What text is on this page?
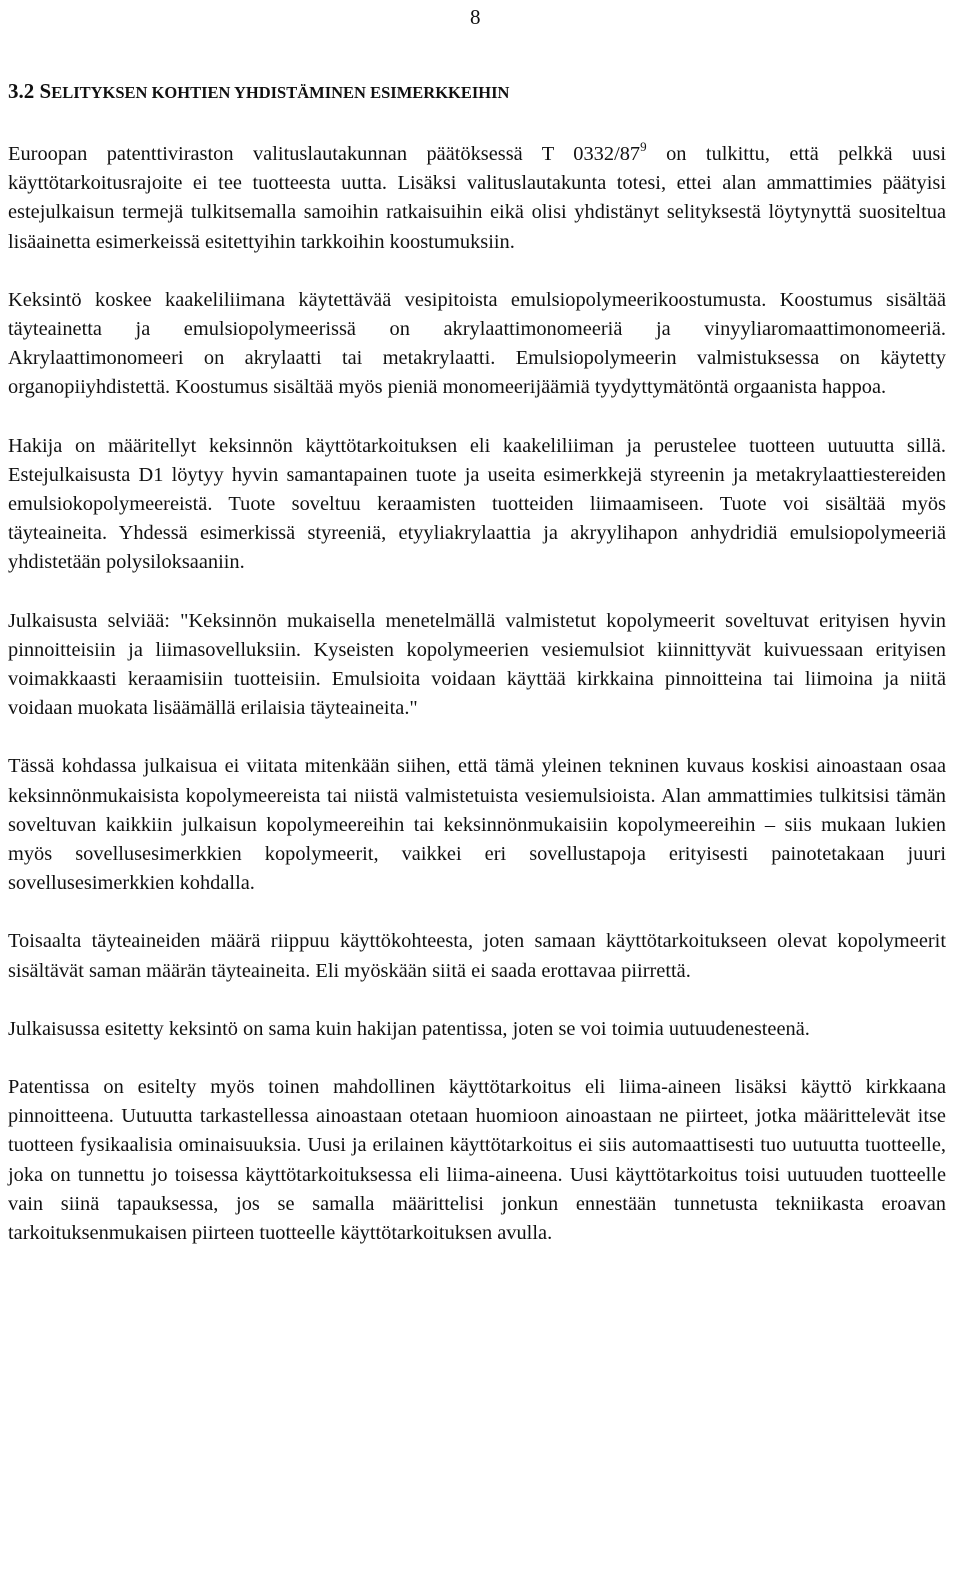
8
3.2 SELITYKSEN KOHTIEN YHDISTÄMINEN ESIMERKKEIHIN

Euroopan patenttiviraston valituslautakunnan päätöksessä T $0332/87^9$ on tulkittu, että pelkkä uusi käyttötarkoitusrajoite ei tee tuotteesta uutta. Lisäksi valituslautakunta totesi, ettei alan ammattimies päätyisi estejulkaisun termejä tulkitsemalla samoihin ratkaisuihin eikä olisi yhdistänyt selityksestä löytynyttä suositeltua lisäainetta esimerkeissä esitettyihin tarkkoihin koostumuksiin.

Keksintö koskee kaakeliliimana käytettävää vesipitoista emulsiopolymeerikoostumusta. Koostumus sisältää täyteainetta ja emulsiopolymeerissä on akrylaattimonomeeriä ja vinyyliaromaattimonomeeriä. Akrylaattimonomeeri on akrylaatti tai metakrylaatti. Emulsiopolymeerin valmistuksessa on käytetty organopiiyhdistettä. Koostumus sisältää myös pieniä monomeerijäämiä tyydyttymätöntä orgaanista happoa.

Hakija on määritellyt keksinnön käyttötarkoituksen eli kaakeliliiman ja perustelee tuotteen uutuutta sillä. Estejulkaisusta D1 löytyy hyvin samantapainen tuote ja useita esimerkkejä styreenin ja metakrylaattiestereiden emulsiokopolymeereistä. Tuote soveltuu keraamisten tuotteiden liimaamiseen. Tuote voi sisältää myös täyteaineita. Yhdessä esimerkissä styreeniä, etyyliakrylaattia ja akryylihapon anhydridiä emulsiopolymeeriä yhdistetään polysiloksaaniin.

Julkaisusta selviää: "Keksinnön mukaisella menetelmällä valmistetut kopolymeerit soveltuvat erityisen hyvin pinnoitteisiin ja liimasovelluksiin. Kyseisten kopolymeerien vesiemulsiot kiinnittyvät kuivuessaan erityisen voimakkaasti keraamisiin tuotteisiin. Emulsioita voidaan käyttää kirkkaina pinnoitteina tai liimoina ja niitä voidaan muokata lisäämällä erilaisia täyteaineita."

Tässä kohdassa julkaisua ei viitata mitenkään siihen, että tämä yleinen tekninen kuvaus koskisi ainoastaan osaa keksinnönmukaisista kopolymeereista tai niistä valmistetuista vesiemulsioista. Alan ammattimies tulkitsisi tämän soveltuvan kaikkiin julkaisun kopolymeereihin tai keksinnönmukaisiin kopolymeereihin – siis mukaan lukien myös sovellusesimerkkien kopolymeerit, vaikkei eri sovellustapoja erityisesti painotetakaan juuri sovellusesimerkkien kohdalla.

Toisaalta täyteaineiden määrä riippuu käyttökohteesta, joten samaan käyttötarkoitukseen olevat kopolymeerit sisältävät saman määrän täyteaineita. Eli myöskään siitä ei saada erottavaa piirrettä.

Julkaisussa esitetty keksintö on sama kuin hakijan patentissa, joten se voi toimia uutuudenesteenä.

Patentissa on esitelty myös toinen mahdollinen käyttötarkoitus eli liima-aineen lisäksi käyttö kirkkaana pinnoitteena. Uutuutta tarkastellessa ainoastaan otetaan huomioon ainoastaan ne piirteet, jotka määrittelevät itse tuotteen fysikaalisia ominaisuuksia. Uusi ja erilainen käyttötarkoitus ei siis automaattisesti tuo uutuutta tuotteelle, joka on tunnettu jo toisessa käyttötarkoituksessa eli liima-aineena. Uusi käyttötarkoitus toisi uutuuden tuotteelle vain siinä tapauksessa, jos se samalla määrittelisi jonkun ennestään tunnetusta tekniikasta eroavan tarkoituksenmukaisen piirteen tuotteelle käyttötarkoituksen avulla.
